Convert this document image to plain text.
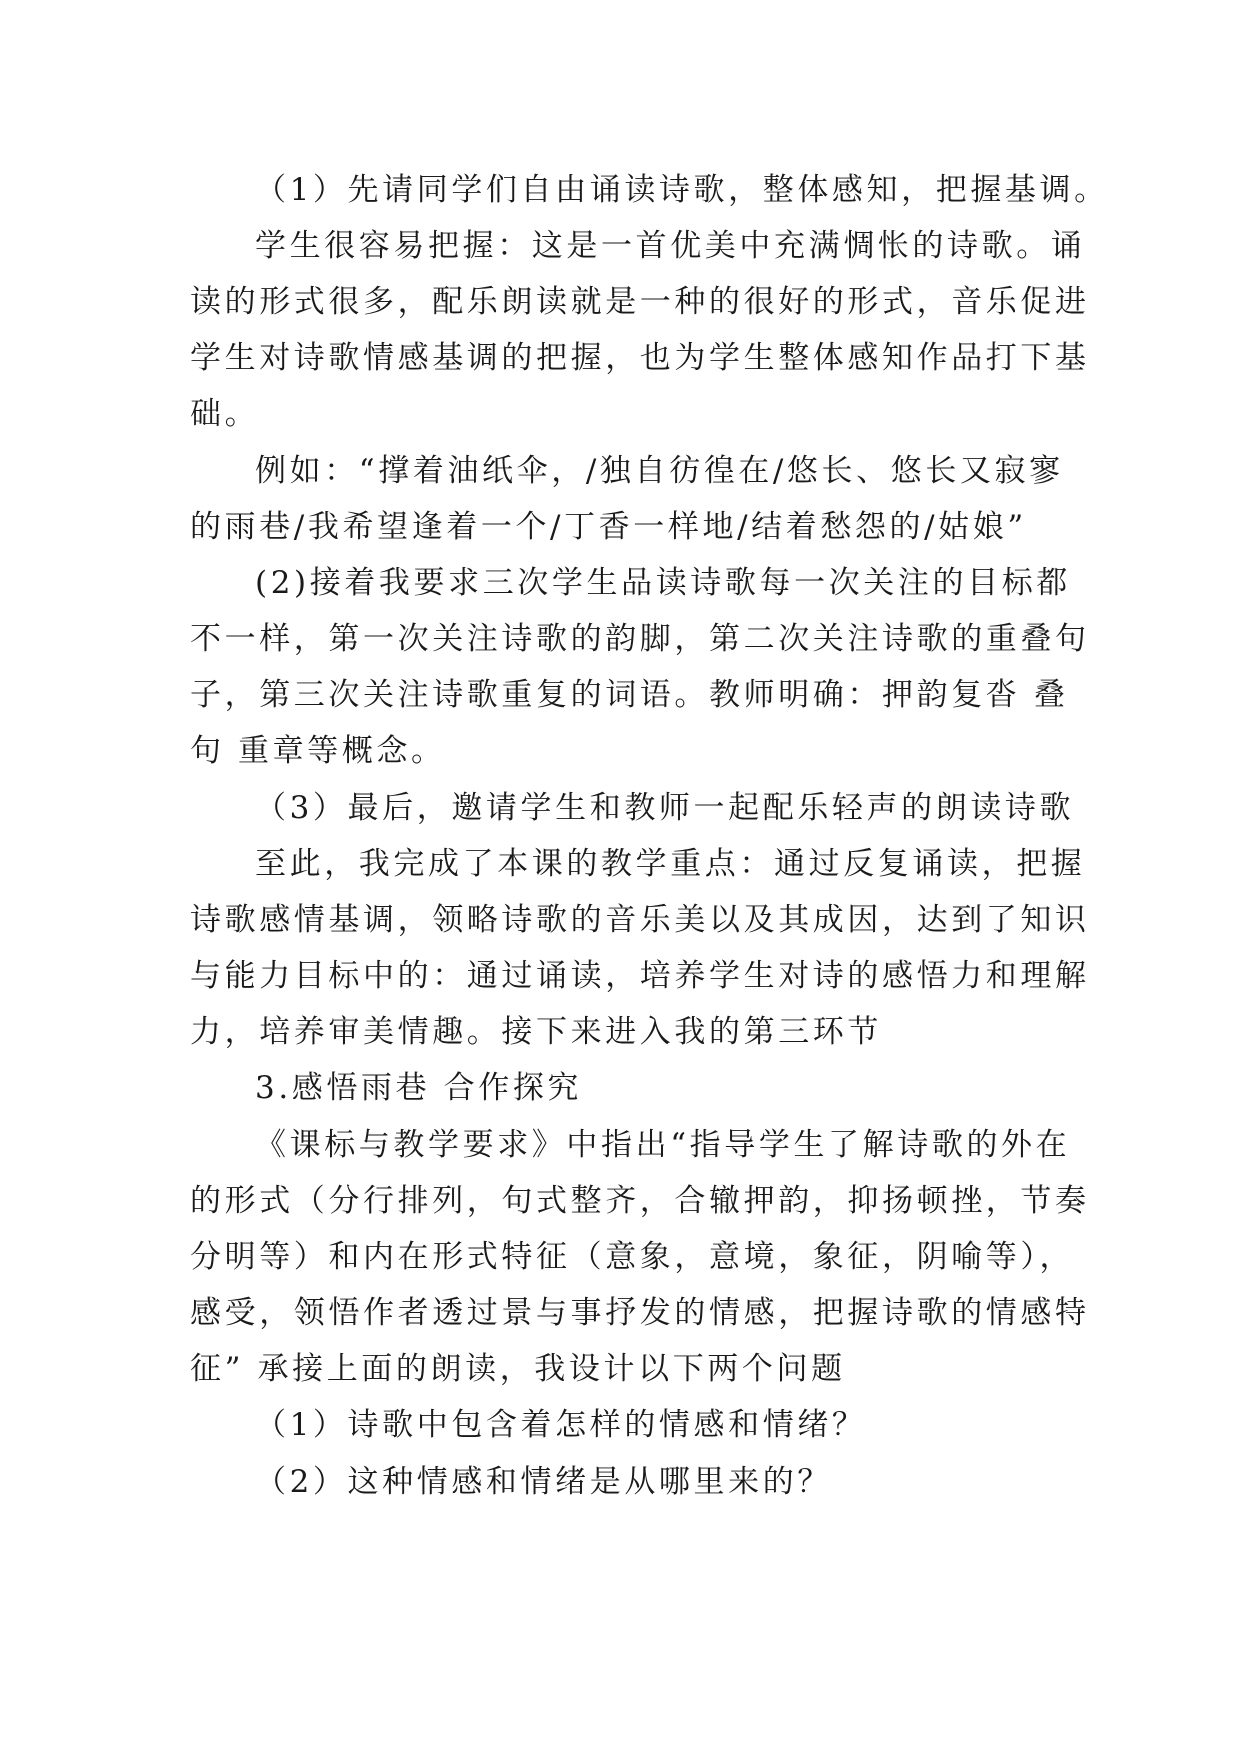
（1）先请同学们自由诵读诗歌，整体感知，把握基调。
学生很容易把握：这是一首优美中充满惆怅的诗歌。诵
读的形式很多，配乐朗读就是一种的很好的形式，音乐促进
学生对诗歌情感基调的把握，也为学生整体感知作品打下基
础。
例如：“撑着油纸伞，/独自彷徨在/悠长、悠长又寂寥
的雨巷/我希望逢着一个/丁香一样地/结着愁怨的/姑娘”
(2)接着我要求三次学生品读诗歌每一次关注的目标都
不一样，第一次关注诗歌的韵脚，第二次关注诗歌的重叠句
子，第三次关注诗歌重复的词语。教师明确：押韵复沓 叠
句 重章等概念。
（3）最后，邀请学生和教师一起配乐轻声的朗读诗歌
至此，我完成了本课的教学重点：通过反复诵读，把握
诗歌感情基调，领略诗歌的音乐美以及其成因，达到了知识
与能力目标中的：通过诵读，培养学生对诗的感悟力和理解
力，培养审美情趣。接下来进入我的第三环节
3.感悟雨巷 合作探究
《课标与教学要求》中指出“指导学生了解诗歌的外在
的形式（分行排列，句式整齐，合辙押韵，抑扬顿挫，节奏
分明等）和内在形式特征（意象，意境，象征，阴喻等），
感受，领悟作者透过景与事抒发的情感，把握诗歌的情感特
征” 承接上面的朗读，我设计以下两个问题
（1）诗歌中包含着怎样的情感和情绪？
（2）这种情感和情绪是从哪里来的？
